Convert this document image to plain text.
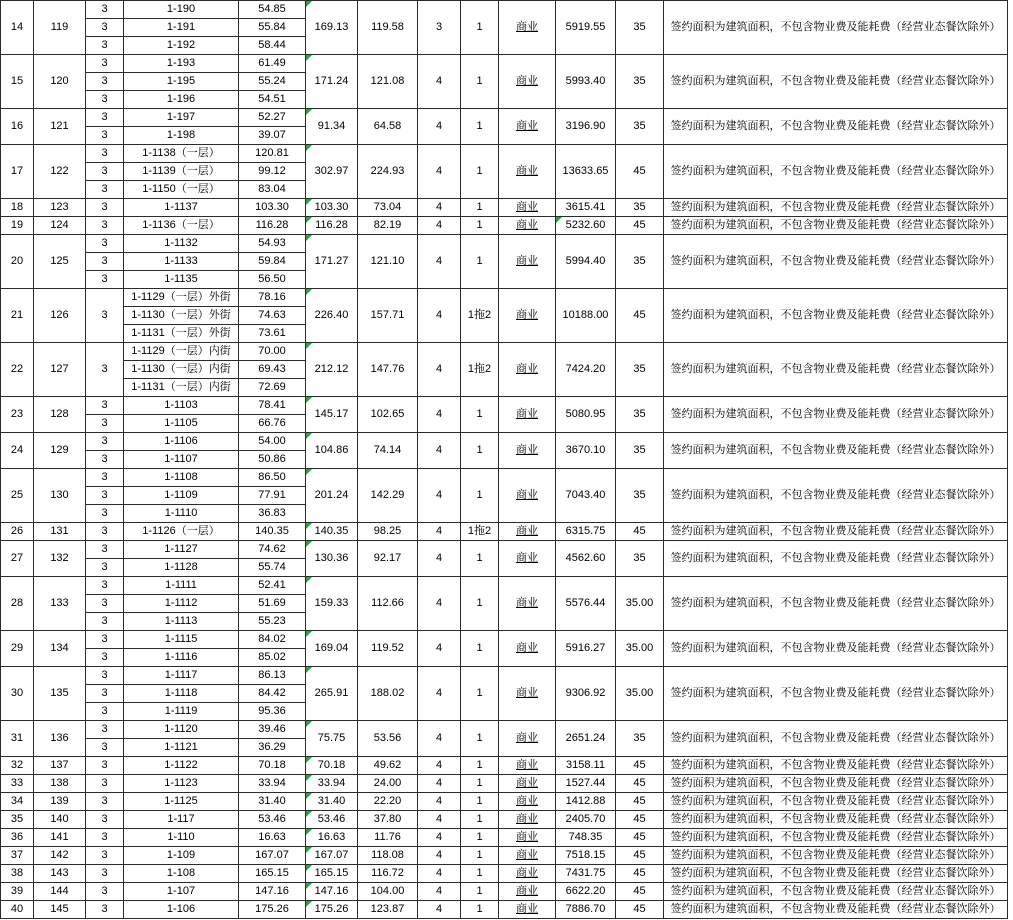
14	119	3	1-190	54.85	169.13	119.58	3	1	商业	5919.55	35	签约面积为建筑面积，不包含物业费及能耗费（经营业态餐饮除外）
		3	1-191	55.84								
		3	1-192	58.44								
15	120	3	1-193	61.49	171.24	121.08	4	1	商业	5993.40	35	签约面积为建筑面积，不包含物业费及能耗费（经营业态餐饮除外）
		3	1-195	55.24								
		3	1-196	54.51								
16	121	3	1-197	52.27	91.34	64.58	4	1	商业	3196.90	35	签约面积为建筑面积，不包含物业费及能耗费（经营业态餐饮除外）
		3	1-198	39.07								
17	122	3	1-1138（一层）	120.81	302.97	224.93	4	1	商业	13633.65	45	签约面积为建筑面积，不包含物业费及能耗费（经营业态餐饮除外）
		3	1-1139（一层）	99.12								
		3	1-1150（一层）	83.04								
18	123	3	1-1137	103.30	103.30	73.04	4	1	商业	3615.41	35	签约面积为建筑面积，不包含物业费及能耗费（经营业态餐饮除外）
19	124	3	1-1136（一层）	116.28	116.28	82.19	4	1	商业	5232.60	45	签约面积为建筑面积，不包含物业费及能耗费（经营业态餐饮除外）
20	125	3	1-1132	54.93	171.27	121.10	4	1	商业	5994.40	35	签约面积为建筑面积，不包含物业费及能耗费（经营业态餐饮除外）
		3	1-1133	59.84								
		3	1-1135	56.50								
21	126	3	1-1129（一层）外街	78.16	226.40	157.71	4	1拖2	商业	10188.00	45	签约面积为建筑面积，不包含物业费及能耗费（经营业态餐饮除外）
			1-1130（一层）外街	74.63								
			1-1131（一层）外街	73.61								
22	127	3	1-1129（一层）内街	70.00	212.12	147.76	4	1拖2	商业	7424.20	35	签约面积为建筑面积，不包含物业费及能耗费（经营业态餐饮除外）
			1-1130（一层）内街	69.43								
			1-1131（一层）内街	72.69								
23	128	3	1-1103	78.41	145.17	102.65	4	1	商业	5080.95	35	签约面积为建筑面积，不包含物业费及能耗费（经营业态餐饮除外）
		3	1-1105	66.76								
24	129	3	1-1106	54.00	104.86	74.14	4	1	商业	3670.10	35	签约面积为建筑面积，不包含物业费及能耗费（经营业态餐饮除外）
		3	1-1107	50.86								
25	130	3	1-1108	86.50	201.24	142.29	4	1	商业	7043.40	35	签约面积为建筑面积，不包含物业费及能耗费（经营业态餐饮除外）
		3	1-1109	77.91								
		3	1-1110	36.83								
26	131	3	1-1126（一层）	140.35	140.35	98.25	4	1拖2	商业	6315.75	45	签约面积为建筑面积，不包含物业费及能耗费（经营业态餐饮除外）
27	132	3	1-1127	74.62	130.36	92.17	4	1	商业	4562.60	35	签约面积为建筑面积，不包含物业费及能耗费（经营业态餐饮除外）
		3	1-1128	55.74								
28	133	3	1-1111	52.41	159.33	112.66	4	1	商业	5576.44	35.00	签约面积为建筑面积，不包含物业费及能耗费（经营业态餐饮除外）
		3	1-1112	51.69								
		3	1-1113	55.23								
29	134	3	1-1115	84.02	169.04	119.52	4	1	商业	5916.27	35.00	签约面积为建筑面积，不包含物业费及能耗费（经营业态餐饮除外）
		3	1-1116	85.02								
30	135	3	1-1117	86.13	265.91	188.02	4	1	商业	9306.92	35.00	签约面积为建筑面积，不包含物业费及能耗费（经营业态餐饮除外）
		3	1-1118	84.42								
		3	1-1119	95.36								
31	136	3	1-1120	39.46	75.75	53.56	4	1	商业	2651.24	35	签约面积为建筑面积，不包含物业费及能耗费（经营业态餐饮除外）
		3	1-1121	36.29								
32	137	3	1-1122	70.18	70.18	49.62	4	1	商业	3158.11	45	签约面积为建筑面积，不包含物业费及能耗费（经营业态餐饮除外）
33	138	3	1-1123	33.94	33.94	24.00	4	1	商业	1527.44	45	签约面积为建筑面积，不包含物业费及能耗费（经营业态餐饮除外）
34	139	3	1-1125	31.40	31.40	22.20	4	1	商业	1412.88	45	签约面积为建筑面积，不包含物业费及能耗费（经营业态餐饮除外）
35	140	3	1-117	53.46	53.46	37.80	4	1	商业	2405.70	45	签约面积为建筑面积，不包含物业费及能耗费（经营业态餐饮除外）
36	141	3	1-110	16.63	16.63	11.76	4	1	商业	748.35	45	签约面积为建筑面积，不包含物业费及能耗费（经营业态餐饮除外）
37	142	3	1-109	167.07	167.07	118.08	4	1	商业	7518.15	45	签约面积为建筑面积，不包含物业费及能耗费（经营业态餐饮除外）
38	143	3	1-108	165.15	165.15	116.72	4	1	商业	7431.75	45	签约面积为建筑面积，不包含物业费及能耗费（经营业态餐饮除外）
39	144	3	1-107	147.16	147.16	104.00	4	1	商业	6622.20	45	签约面积为建筑面积，不包含物业费及能耗费（经营业态餐饮除外）
40	145	3	1-106	175.26	175.26	123.87	4	1	商业	7886.70	45	签约面积为建筑面积，不包含物业费及能耗费（经营业态餐饮除外）
